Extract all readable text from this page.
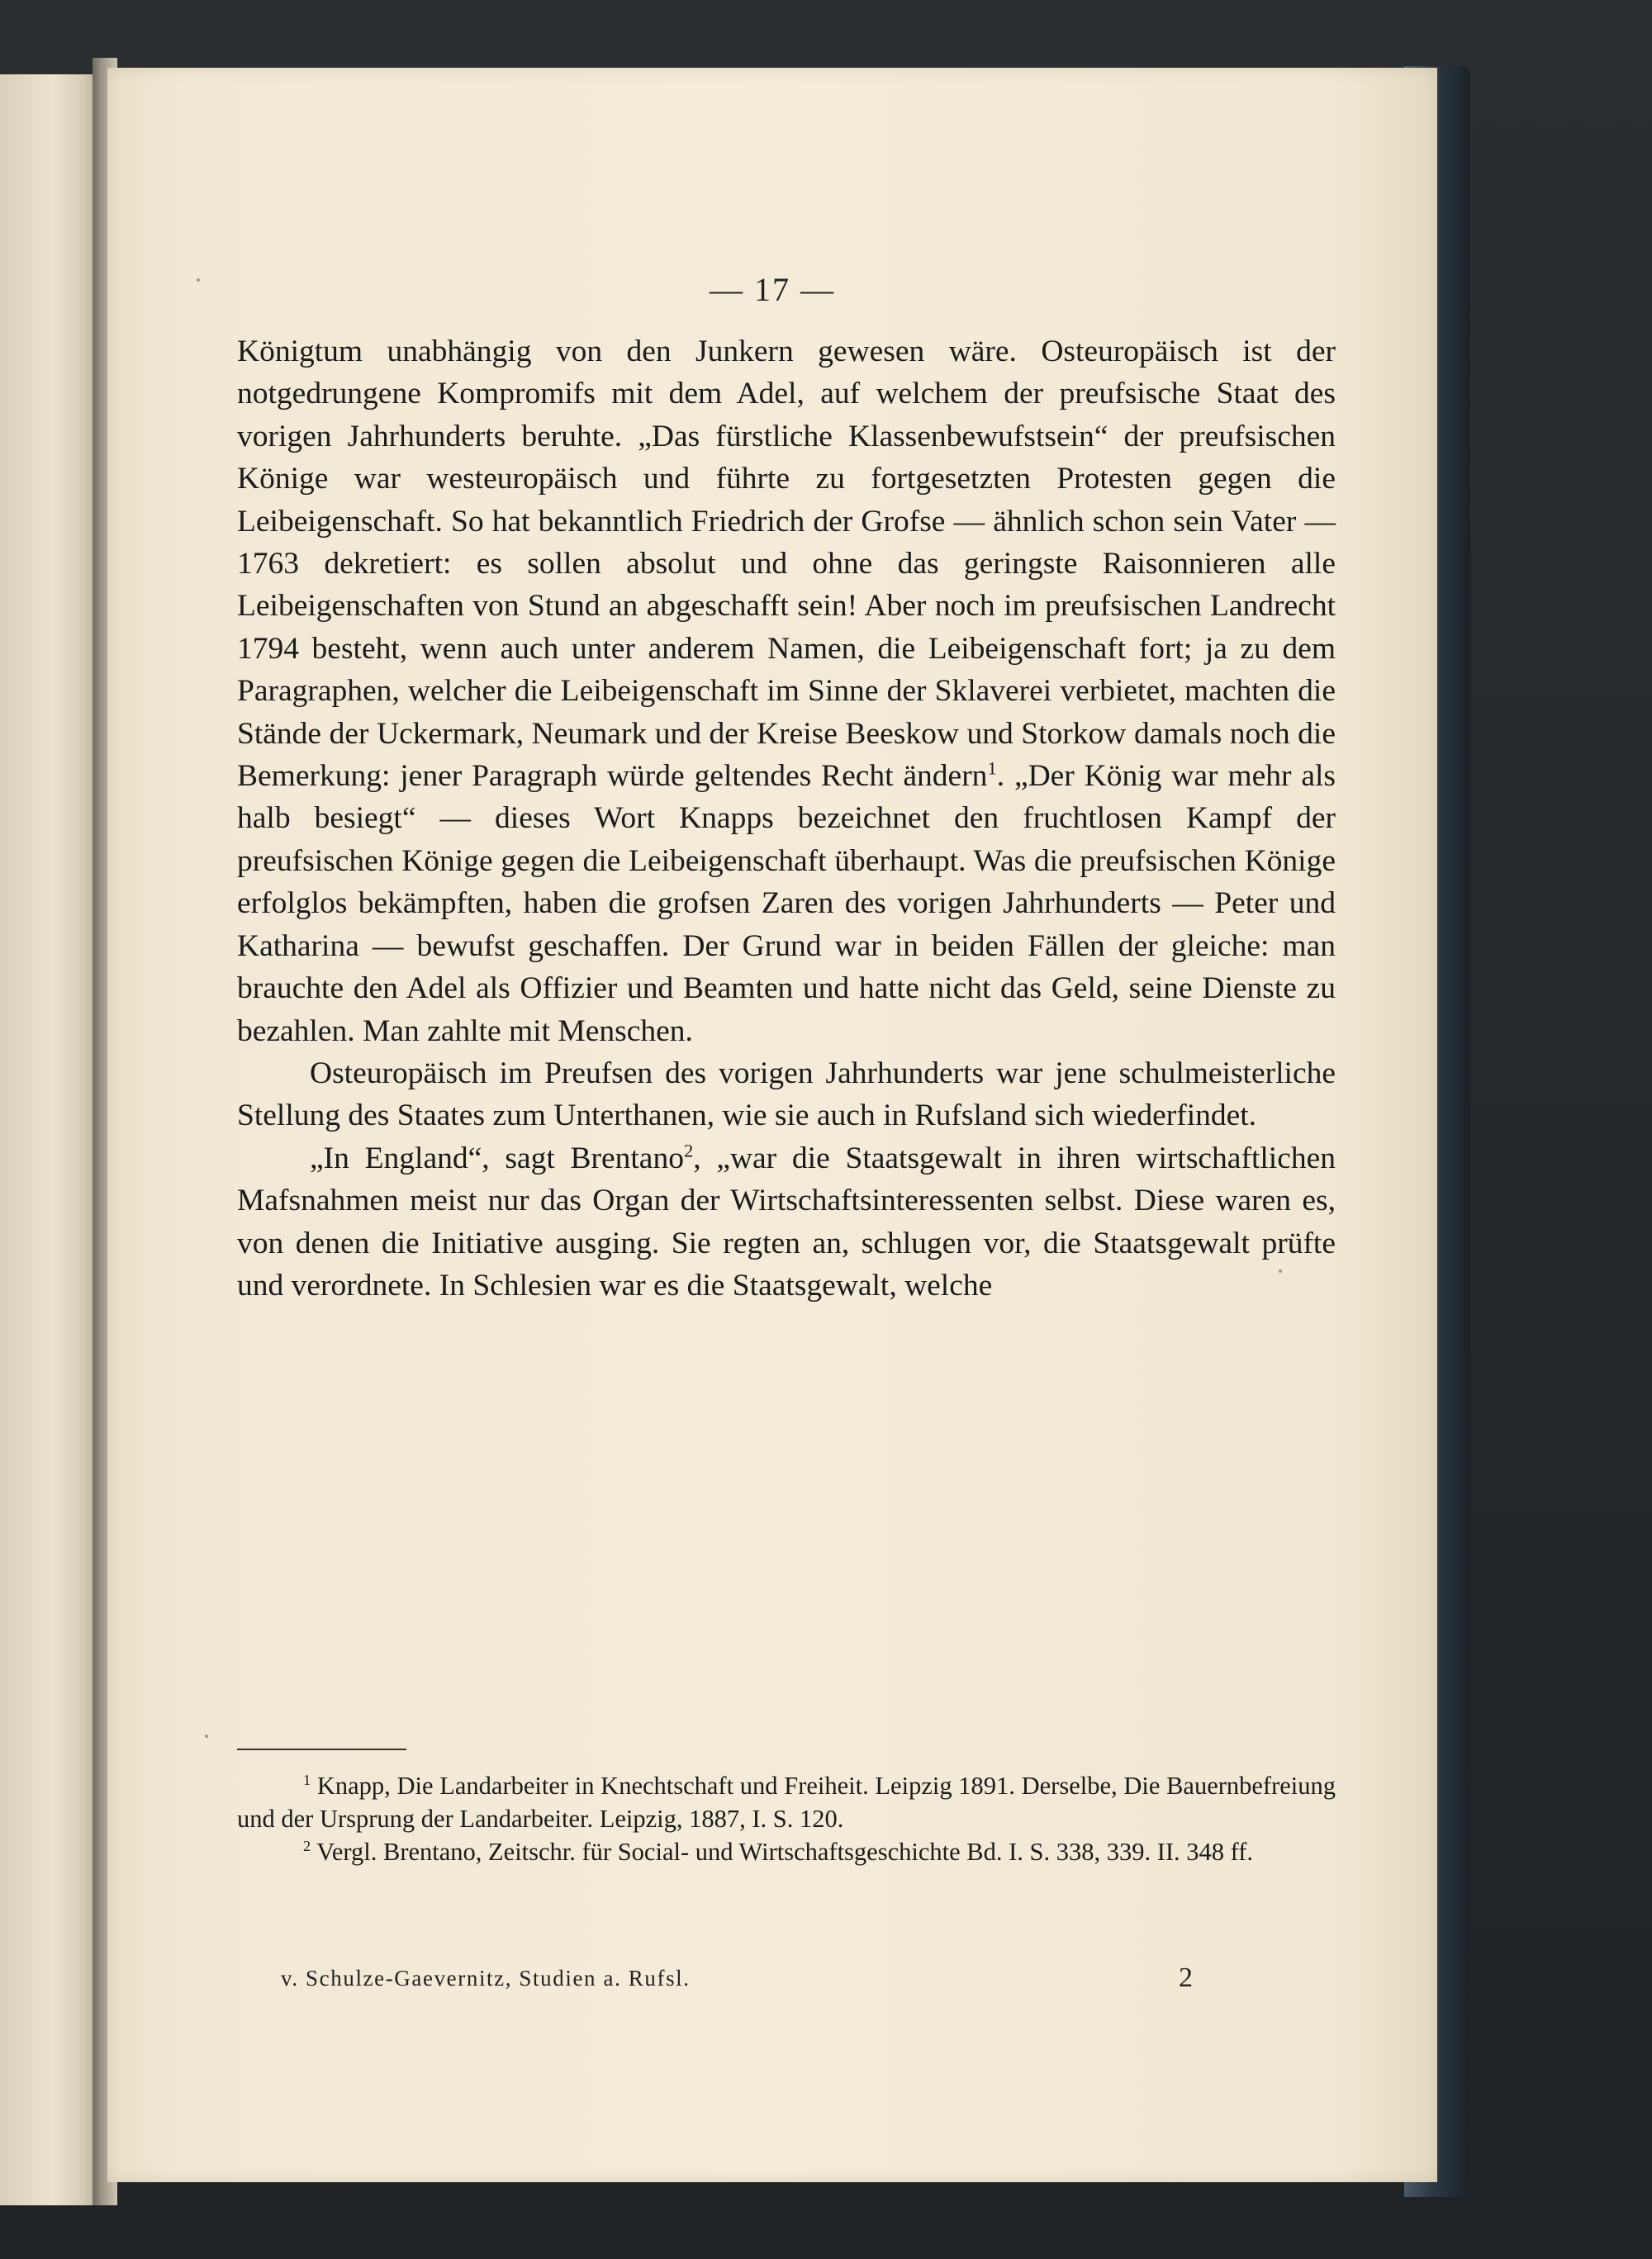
— 17 —

Königtum unabhängig von den Junkern gewesen wäre. Osteuropäisch ist der notgedrungene Kompromifs mit dem Adel, auf welchem der preufsische Staat des vorigen Jahrhunderts beruhte. „Das fürstliche Klassenbewufstsein“ der preufsischen Könige war westeuropäisch und führte zu fortgesetzten Protesten gegen die Leibeigenschaft. So hat bekanntlich Friedrich der Grofse — ähnlich schon sein Vater — 1763 dekretiert: es sollen absolut und ohne das geringste Raisonnieren alle Leibeigenschaften von Stund an abgeschafft sein! Aber noch im preufsischen Landrecht 1794 besteht, wenn auch unter anderem Namen, die Leibeigenschaft fort; ja zu dem Paragraphen, welcher die Leibeigenschaft im Sinne der Sklaverei verbietet, machten die Stände der Uckermark, Neumark und der Kreise Beeskow und Storkow damals noch die Bemerkung: jener Paragraph würde geltendes Recht ändern$^1$. „Der König war mehr als halb besiegt“ — dieses Wort Knapps bezeichnet den fruchtlosen Kampf der preufsischen Könige gegen die Leibeigenschaft überhaupt. Was die preufsischen Könige erfolglos bekämpften, haben die grofsen Zaren des vorigen Jahrhunderts — Peter und Katharina — bewufst geschaffen. Der Grund war in beiden Fällen der gleiche: man brauchte den Adel als Offizier und Beamten und hatte nicht das Geld, seine Dienste zu bezahlen. Man zahlte mit Menschen.

Osteuropäisch im Preufsen des vorigen Jahrhunderts war jene schulmeisterliche Stellung des Staates zum Unterthanen, wie sie auch in Rufsland sich wiederfindet.

„In England“, sagt Brentano$^2$, „war die Staatsgewalt in ihren wirtschaftlichen Mafsnahmen meist nur das Organ der Wirtschaftsinteressenten selbst. Diese waren es, von denen die Initiative ausging. Sie regten an, schlugen vor, die Staatsgewalt prüfte und verordnete. In Schlesien war es die Staatsgewalt, welche

$^1$ Knapp, Die Landarbeiter in Knechtschaft und Freiheit. Leipzig 1891. Derselbe, Die Bauernbefreiung und der Ursprung der Landarbeiter. Leipzig, 1887, I. S. 120.

$^2$ Vergl. Brentano, Zeitschr. für Social- und Wirtschaftsgeschichte Bd. I. S. 338, 339. II. 348 ff.

v. Schulze-Gaevernitz, Studien a. Rufsl.	2
